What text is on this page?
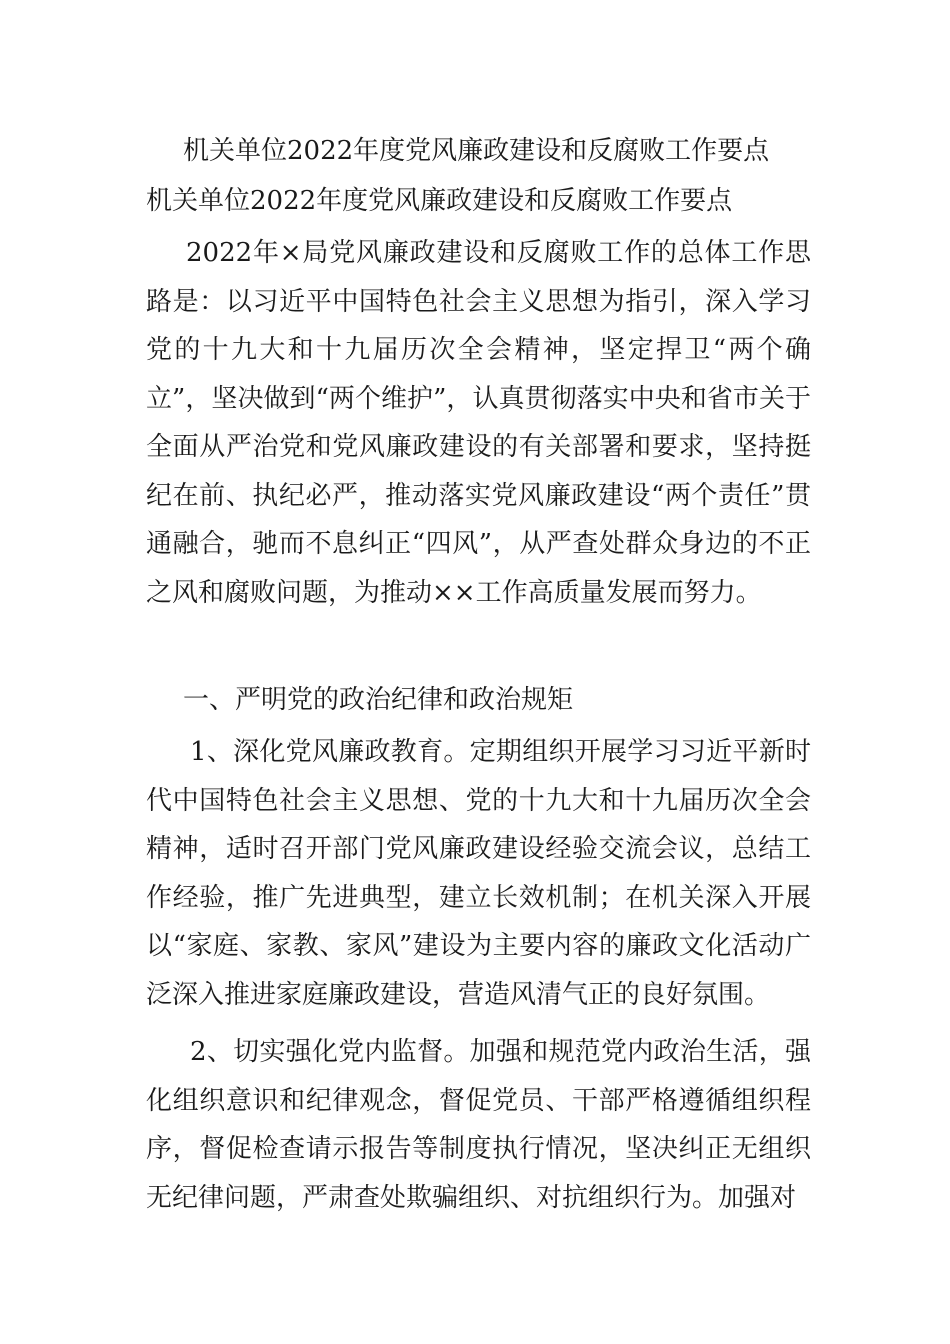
机关单位2022年度党风廉政建设和反腐败工作要点
机关单位2022年度党风廉政建设和反腐败工作要点

2022年×局党风廉政建设和反腐败工作的总体工作思路是：以习近平中国特色社会主义思想为指引，深入学习党的十九大和十九届历次全会精神，坚定捍卫“两个确立”，坚决做到“两个维护”，认真贯彻落实中央和省市关于全面从严治党和党风廉政建设的有关部署和要求，坚持挺纪在前、执纪必严，推动落实党风廉政建设“两个责任”贯通融合，驰而不息纠正“四风”，从严查处群众身边的不正之风和腐败问题，为推动××工作高质量发展而努力。

一、严明党的政治纪律和政治规矩

1、深化党风廉政教育。定期组织开展学习习近平新时代中国特色社会主义思想、党的十九大和十九届历次全会精神，适时召开部门党风廉政建设经验交流会议，总结工作经验，推广先进典型，建立长效机制；在机关深入开展以“家庭、家教、家风”建设为主要内容的廉政文化活动广泛深入推进家庭廉政建设，营造风清气正的良好氛围。

2、切实强化党内监督。加强和规范党内政治生活，强化组织意识和纪律观念，督促党员、干部严格遵循组织程序，督促检查请示报告等制度执行情况，坚决纠正无组织无纪律问题，严肃查处欺骗组织、对抗组织行为。加强对
